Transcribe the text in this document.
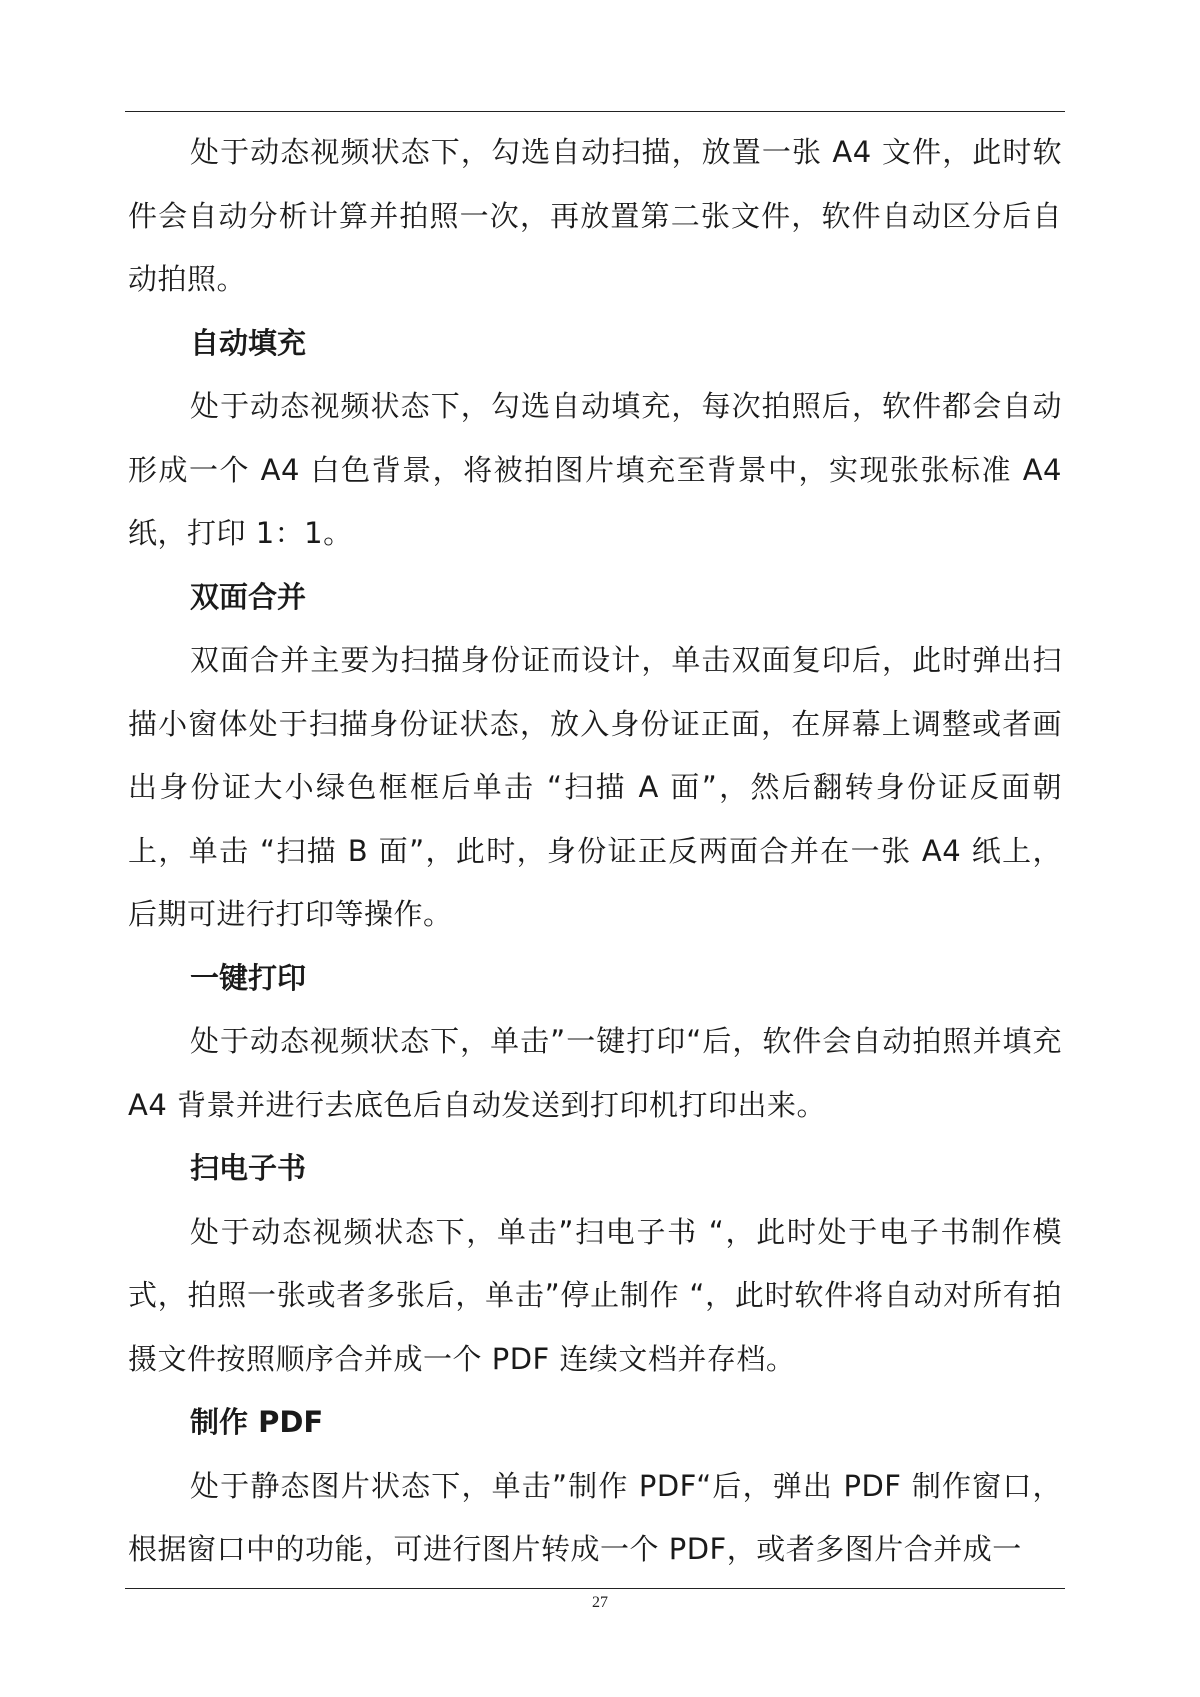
处于动态视频状态下，勾选自动扫描，放置一张 A4 文件，此时软件会自动分析计算并拍照一次，再放置第二张文件，软件自动区分后自动拍照。

自动填充

处于动态视频状态下，勾选自动填充，每次拍照后，软件都会自动形成一个 A4 白色背景，将被拍图片填充至背景中，实现张张标准 A4 纸，打印 1：1。

双面合并

双面合并主要为扫描身份证而设计，单击双面复印后，此时弹出扫描小窗体处于扫描身份证状态，放入身份证正面，在屏幕上调整或者画出身份证大小绿色框框后单击 “扫描 A 面”，然后翻转身份证反面朝上，单击 “扫描 B 面”，此时，身份证正反两面合并在一张 A4 纸上，后期可进行打印等操作。

一键打印

处于动态视频状态下，单击”一键打印“后，软件会自动拍照并填充 A4 背景并进行去底色后自动发送到打印机打印出来。

扫电子书

处于动态视频状态下，单击”扫电子书 “，此时处于电子书制作模式，拍照一张或者多张后，单击”停止制作 “，此时软件将自动对所有拍摄文件按照顺序合并成一个 PDF 连续文档并存档。

制作 PDF

处于静态图片状态下，单击”制作 PDF“后，弹出 PDF 制作窗口，根据窗口中的功能，可进行图片转成一个 PDF，或者多图片合并成一

27
